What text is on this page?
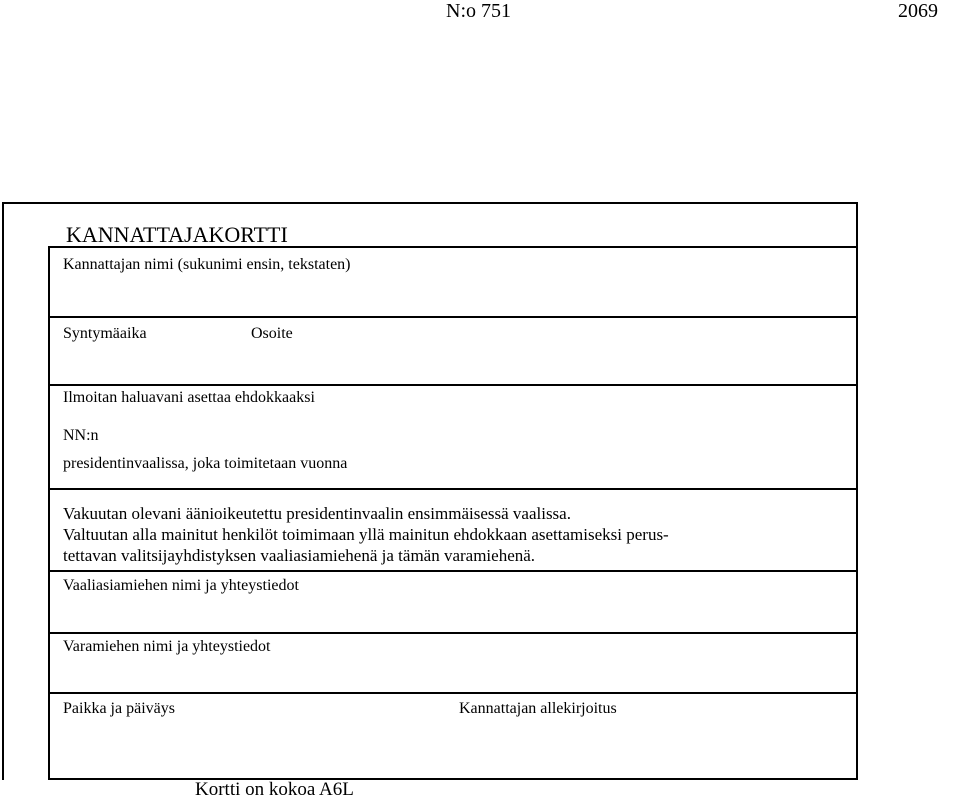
N:o 751	2069
KANNATTAJAKORTTI
Kannattajan nimi (sukunimi ensin, tekstaten)
Syntymäaika	Osoite
Ilmoitan haluavani asettaa ehdokkaaksi
NN:n
presidentinvaalissa, joka toimitetaan vuonna
Vakuutan olevani äänioikeutettu presidentinvaalin ensimmäisessä vaalissa.
Valtuutan alla mainitut henkilöt toimimaan yllä mainitun ehdokkaan asettamiseksi perus-
tettavan valitsijayhdistyksen vaaliasiamiehenä ja tämän varamiehenä.
Vaaliasiamiehen nimi ja yhteystiedot
Varamiehen nimi ja yhteystiedot
Paikka ja päiväys	Kannattajan allekirjoitus
Kortti on kokoa A6L
